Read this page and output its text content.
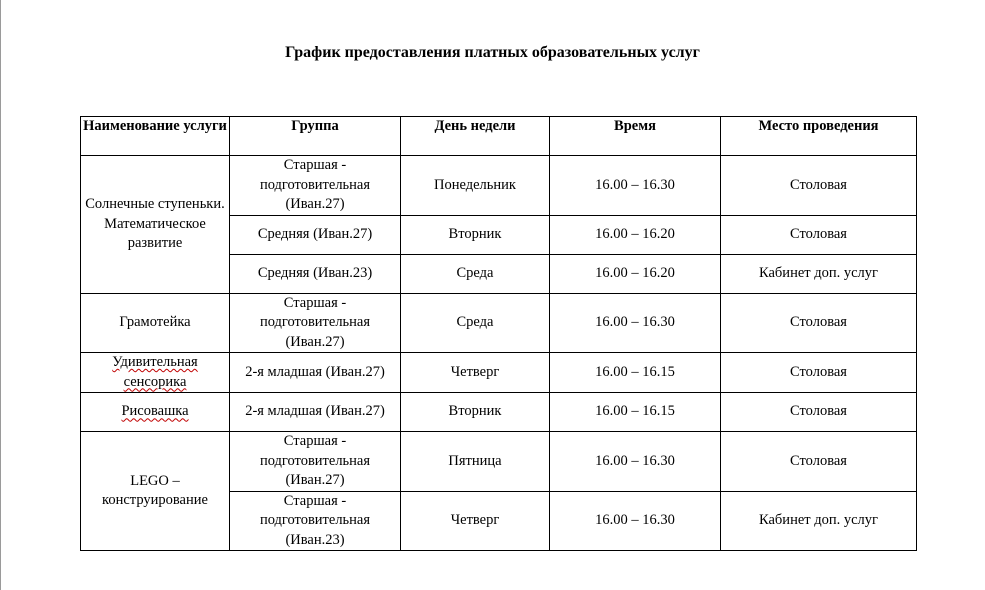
График предоставления платных образовательных услуг
Наименование услуги	Группа	День недели	Время	Место проведения
Солнечные ступеньки. Математическое развитие	Старшая - подготовительная (Иван.27)	Понедельник	16.00 – 16.30	Столовая
	Средняя (Иван.27)	Вторник	16.00 – 16.20	Столовая
	Средняя (Иван.23)	Среда	16.00 – 16.20	Кабинет доп. услуг
Грамотейка	Старшая - подготовительная (Иван.27)	Среда	16.00 – 16.30	Столовая
Удивительная сенсорика	2-я младшая (Иван.27)	Четверг	16.00 – 16.15	Столовая
Рисовашка	2-я младшая (Иван.27)	Вторник	16.00 – 16.15	Столовая
LEGO – конструирование	Старшая - подготовительная (Иван.27)	Пятница	16.00 – 16.30	Столовая
	Старшая - подготовительная (Иван.23)	Четверг	16.00 – 16.30	Кабинет доп. услуг
